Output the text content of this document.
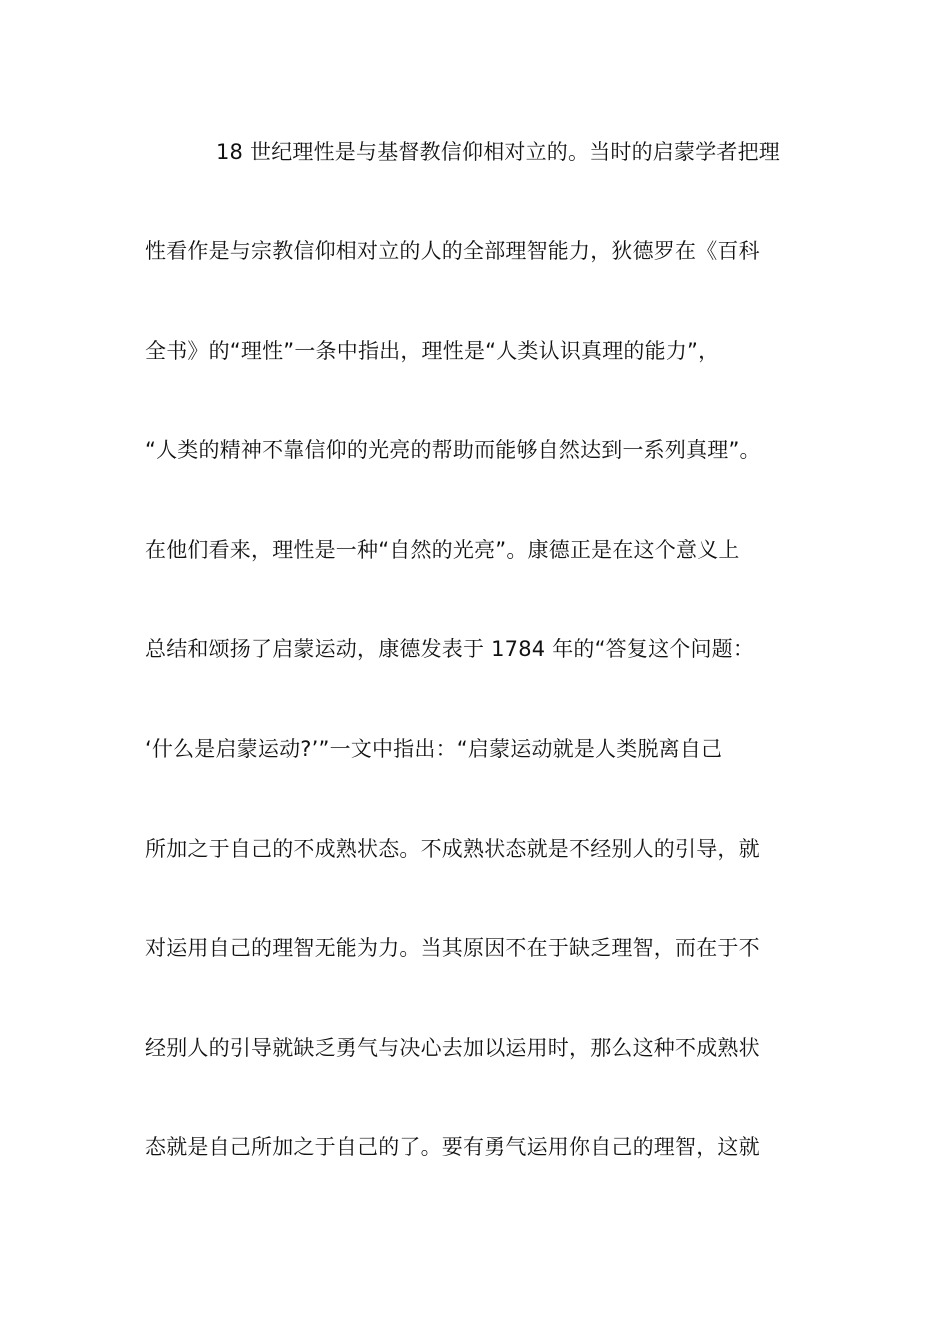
18 世纪理性是与基督教信仰相对立的。当时的启蒙学者把理
性看作是与宗教信仰相对立的人的全部理智能力，狄德罗在《百科
全书》的“理性”一条中指出，理性是“人类认识真理的能力”，
“人类的精神不靠信仰的光亮的帮助而能够自然达到一系列真理”。
在他们看来，理性是一种“自然的光亮”。康德正是在这个意义上
总结和颂扬了启蒙运动，康德发表于 1784 年的“答复这个问题：
‘什么是启蒙运动?’”一文中指出：“启蒙运动就是人类脱离自己
所加之于自己的不成熟状态。不成熟状态就是不经别人的引导，就
对运用自己的理智无能为力。当其原因不在于缺乏理智，而在于不
经别人的引导就缺乏勇气与决心去加以运用时，那么这种不成熟状
态就是自己所加之于自己的了。要有勇气运用你自己的理智，这就
